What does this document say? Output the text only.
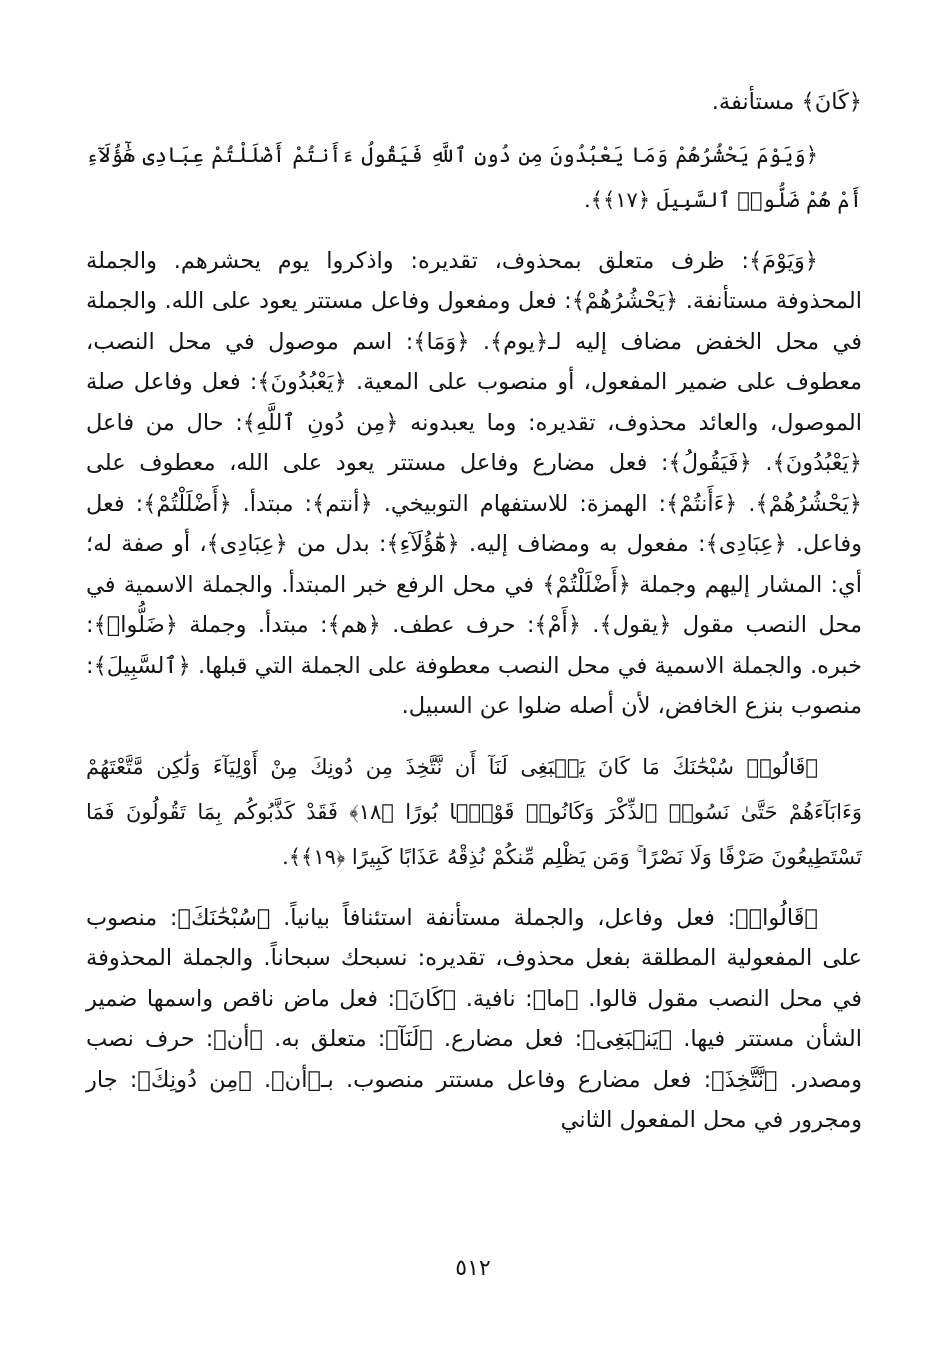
﴿كَانَ﴾ مستأنفة.

﴿وَيَوْمَ يَحْشُرُهُمْ وَمَا يَعْبُدُونَ مِن دُونِ ٱللَّهِ فَيَقُولُ ءَأَنتُمْ أَضْلَلْتُمْ عِبَادِى هَٰٓؤُلَآءِ أَمْ هُمْ ضَلُّوا۟ ٱلسَّبِيلَ ﴿١٧﴾﴾.

﴿وَيَوْمَ﴾: ظرف متعلق بمحذوف، تقديره: واذكروا يوم يحشرهم. والجملة المحذوفة مستأنفة. ﴿يَحْشُرُهُمْ﴾: فعل ومفعول وفاعل مستتر يعود على الله. والجملة في محل الخفض مضاف إليه لـ﴿يوم﴾. ﴿وَمَا﴾: اسم موصول في محل النصب، معطوف على ضمير المفعول، أو منصوب على المعية. ﴿يَعْبُدُونَ﴾: فعل وفاعل صلة الموصول، والعائد محذوف، تقديره: وما يعبدونه ﴿مِن دُونِ ٱللَّهِ﴾: حال من فاعل ﴿يَعْبُدُونَ﴾. ﴿فَيَقُولُ﴾: فعل مضارع وفاعل مستتر يعود على الله، معطوف على ﴿يَحْشُرُهُمْ﴾. ﴿ءَأَنتُمْ﴾: الهمزة: للاستفهام التوبيخي. ﴿أنتم﴾: مبتدأ. ﴿أَضْلَلْتُمْ﴾: فعل وفاعل. ﴿عِبَادِى﴾: مفعول به ومضاف إليه. ﴿هَٰٓؤُلَآءِ﴾: بدل من ﴿عِبَادِى﴾، أو صفة له؛ أي: المشار إليهم وجملة ﴿أَضْلَلْتُمْ﴾ في محل الرفع خبر المبتدأ. والجملة الاسمية في محل النصب مقول ﴿يقول﴾. ﴿أَمْ﴾: حرف عطف. ﴿هم﴾: مبتدأ. وجملة ﴿ضَلُّوا۟﴾: خبره. والجملة الاسمية في محل النصب معطوفة على الجملة التي قبلها. ﴿ٱلسَّبِيلَ﴾: منصوب بنزع الخافض، لأن أصله ضلوا عن السبيل.

﴿قَالُوا۟ سُبْحَٰنَكَ مَا كَانَ يَنۢبَغِى لَنَآ أَن نَّتَّخِذَ مِن دُونِكَ مِنْ أَوْلِيَآءَ وَلَٰكِن مَّتَّعْتَهُمْ وَءَابَآءَهُمْ حَتَّىٰ نَسُوا۟ ٱلذِّكْرَ وَكَانُوا۟ قَوْمًۢا بُورًا ﴿١٨﴾ فَقَدْ كَذَّبُوكُم بِمَا تَقُولُونَ فَمَا تَسْتَطِيعُونَ صَرْفًا وَلَا نَصْرًا ۚ وَمَن يَظْلِم مِّنكُمْ نُذِقْهُ عَذَابًا كَبِيرًا ﴿١٩﴾﴾.

﴿قَالُوا۟﴾: فعل وفاعل، والجملة مستأنفة استئنافاً بيانياً. ﴿سُبْحَٰنَكَ﴾: منصوب على المفعولية المطلقة بفعل محذوف، تقديره: نسبحك سبحاناً. والجملة المحذوفة في محل النصب مقول قالوا. ﴿ما﴾: نافية. ﴿كَانَ﴾: فعل ماض ناقص واسمها ضمير الشأن مستتر فيها. ﴿يَنۢبَغِى﴾: فعل مضارع. ﴿لَنَآ﴾: متعلق به. ﴿أن﴾: حرف نصب ومصدر. ﴿نَّتَّخِذَ﴾: فعل مضارع وفاعل مستتر منصوب. بـ﴿أن﴾. ﴿مِن دُونِكَ﴾: جار ومجرور في محل المفعول الثاني

٥١٢
